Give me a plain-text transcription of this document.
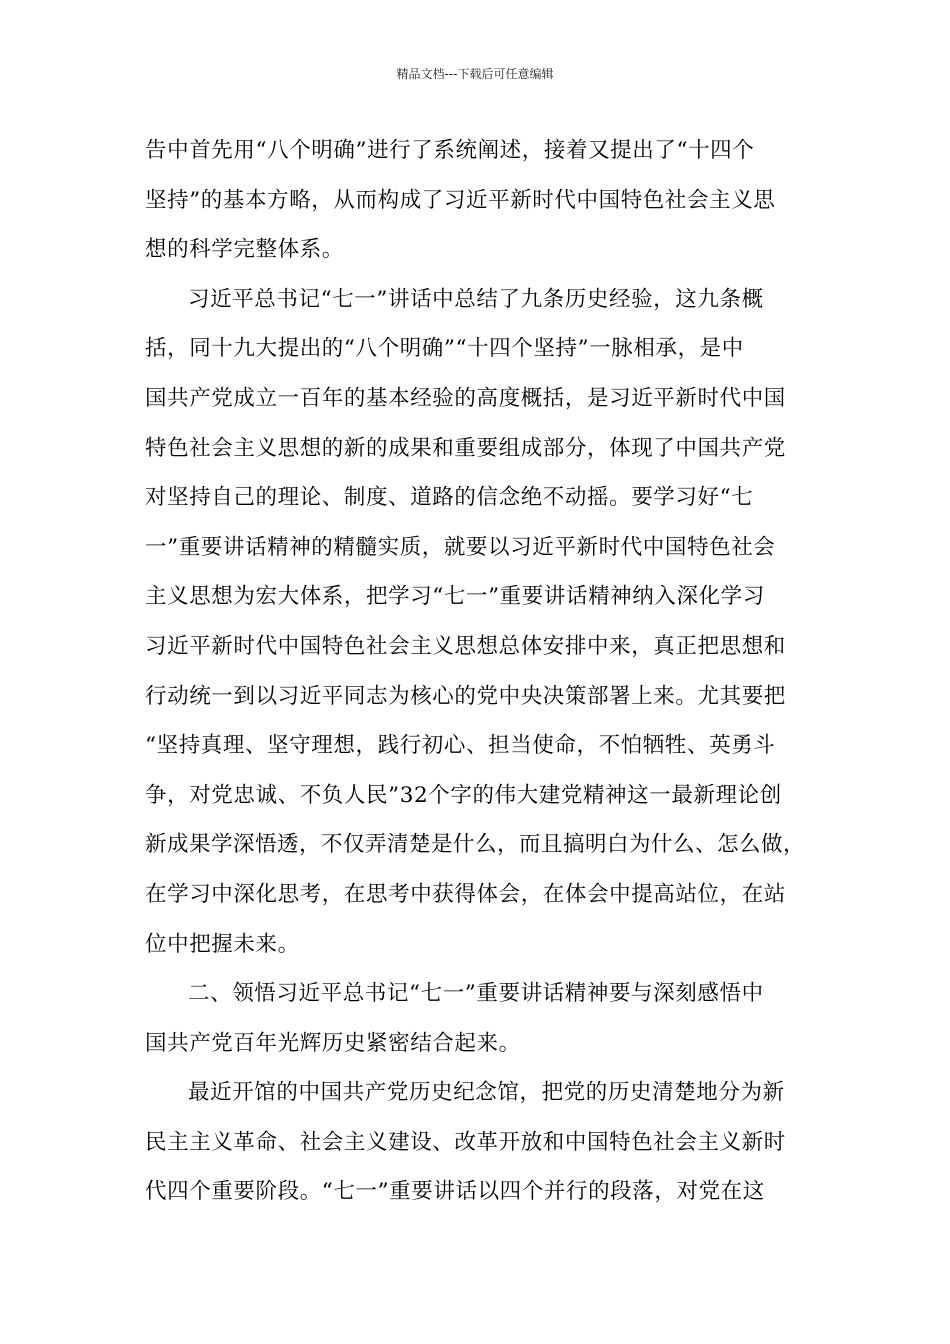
精品文档---下载后可任意编辑

告中首先用“八个明确”进行了系统阐述，接着又提出了“十四个
坚持”的基本方略，从而构成了习近平新时代中国特色社会主义思
想的科学完整体系。

习近平总书记“七一”讲话中总结了九条历史经验，这九条概
括，同十九大提出的“八个明确”“十四个坚持”一脉相承，是中
国共产党成立一百年的基本经验的高度概括，是习近平新时代中国
特色社会主义思想的新的成果和重要组成部分，体现了中国共产党
对坚持自己的理论、制度、道路的信念绝不动摇。要学习好“七
一”重要讲话精神的精髓实质，就要以习近平新时代中国特色社会
主义思想为宏大体系，把学习“七一”重要讲话精神纳入深化学习
习近平新时代中国特色社会主义思想总体安排中来，真正把思想和
行动统一到以习近平同志为核心的党中央决策部署上来。尤其要把
“坚持真理、坚守理想，践行初心、担当使命，不怕牺牲、英勇斗
争，对党忠诚、不负人民”32个字的伟大建党精神这一最新理论创
新成果学深悟透，不仅弄清楚是什么，而且搞明白为什么、怎么做，
在学习中深化思考，在思考中获得体会，在体会中提高站位，在站
位中把握未来。

二、领悟习近平总书记“七一”重要讲话精神要与深刻感悟中
国共产党百年光辉历史紧密结合起来。

最近开馆的中国共产党历史纪念馆，把党的历史清楚地分为新
民主主义革命、社会主义建设、改革开放和中国特色社会主义新时
代四个重要阶段。“七一”重要讲话以四个并行的段落，对党在这
